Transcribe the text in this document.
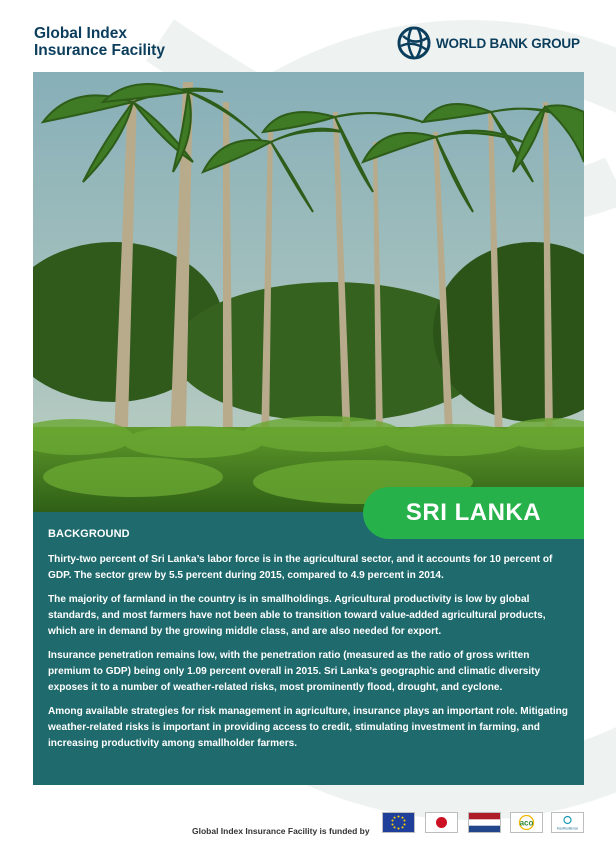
Global Index
Insurance Facility	WORLD BANK GROUP
BACKGROUND

Thirty-two percent of Sri Lanka’s labor force is in the agricultural sector, and it accounts for 10 percent of GDP. The sector grew by 5.5 percent during 2015, compared to 4.9 percent in 2014.

The majority of farmland in the country is in smallholdings. Agricultural productivity is low by global standards, and most farmers have not been able to transition toward value-added agricultural products, which are in demand by the growing middle class, and are also needed for export.

Insurance penetration remains low, with the penetration ratio (measured as the ratio of gross written premium to GDP) being only 1.09 percent overall in 2015. Sri Lanka’s geographic and climatic diversity exposes it to a number of weather-related risks, most prominently flood, drought, and cyclone.

Among available strategies for risk management in agriculture, insurance plays an important role. Mitigating weather-related risks is important in providing access to credit, stimulating investment in farming, and increasing productivity among smallholder farmers.

SRI LANKA
Global Index Insurance Facility is funded by
aco
InsuResilience
